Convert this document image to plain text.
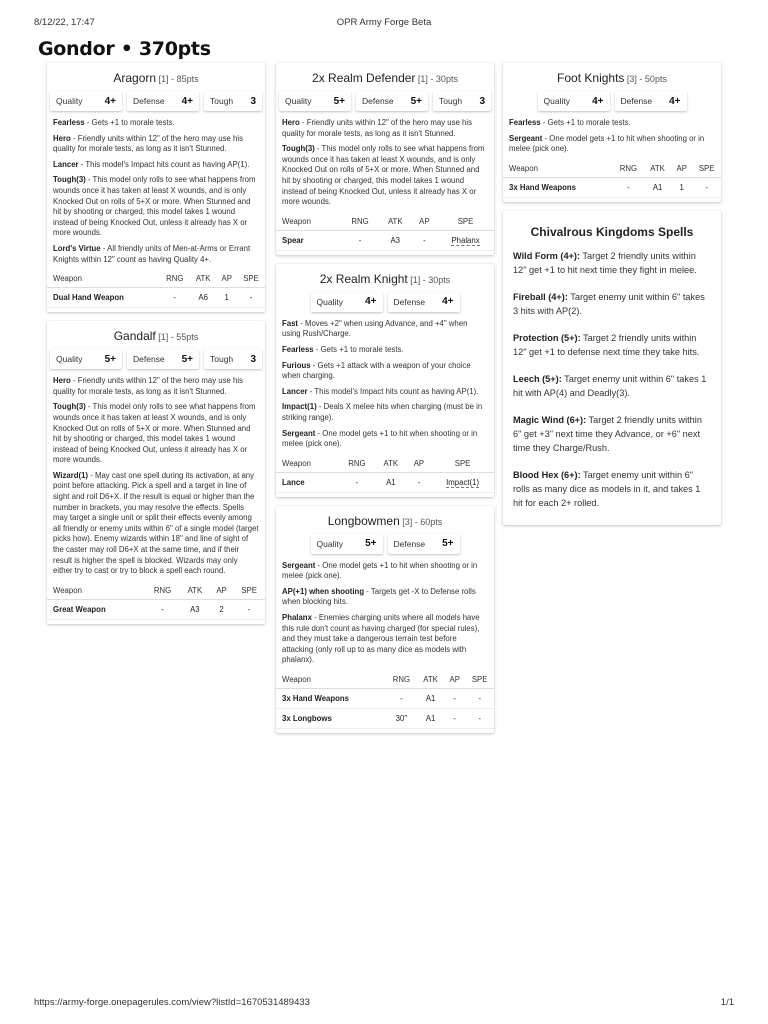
8/12/22, 17:47	OPR Army Forge Beta
Gondor • 370pts
Aragorn [1] - 85pts
Quality 4+ Defense 4+ Tough 3
Fearless - Gets +1 to morale tests.
Hero - Friendly units within 12" of the hero may use his quality for morale tests, as long as it isn't Stunned.
Lancer - This model's Impact hits count as having AP(1).
Tough(3) - This model only rolls to see what happens from wounds once it has taken at least X wounds, and is only Knocked Out on rolls of 5+X or more. When Stunned and hit by shooting or charged, this model takes 1 wound instead of being Knocked Out, unless it already has X or more wounds.
Lord's Virtue - All friendly units of Men-at-Arms or Errant Knights within 12" count as having Quality 4+.
Weapon	RNG	ATK	AP	SPE
Dual Hand Weapon	-	A6	1	-
Gandalf [1] - 55pts
Quality 5+ Defense 5+ Tough 3
Hero - Friendly units within 12" of the hero may use his quality for morale tests, as long as it isn't Stunned.
Tough(3) - This model only rolls to see what happens from wounds once it has taken at least X wounds, and is only Knocked Out on rolls of 5+X or more. When Stunned and hit by shooting or charged, this model takes 1 wound instead of being Knocked Out, unless it already has X or more wounds.
Wizard(1) - May cast one spell during its activation, at any point before attacking. Pick a spell and a target in line of sight and roll D6+X. If the result is equal or higher than the number in brackets, you may resolve the effects. Spells may target a single unit or split their effects evenly among all friendly or enemy units within 6" of a single model (target picks how). Enemy wizards within 18" and line of sight of the caster may roll D6+X at the same time, and if their result is higher the spell is blocked. Wizards may only either try to cast or try to block a spell each round.
Weapon	RNG	ATK	AP	SPE
Great Weapon	-	A3	2	-
2x Realm Defender [1] - 30pts
Quality 5+ Defense 5+ Tough 3
Hero - Friendly units within 12" of the hero may use his quality for morale tests, as long as it isn't Stunned.
Tough(3) - This model only rolls to see what happens from wounds once it has taken at least X wounds, and is only Knocked Out on rolls of 5+X or more. When Stunned and hit by shooting or charged, this model takes 1 wound instead of being Knocked Out, unless it already has X or more wounds.
Weapon	RNG	ATK	AP	SPE
Spear	-	A3	-	Phalanx
2x Realm Knight [1] - 30pts
Quality 4+ Defense 4+
Fast - Moves +2" when using Advance, and +4" when using Rush/Charge.
Fearless - Gets +1 to morale tests.
Furious - Gets +1 attack with a weapon of your choice when charging.
Lancer - This model's Impact hits count as having AP(1).
Impact(1) - Deals X melee hits when charging (must be in striking range).
Sergeant - One model gets +1 to hit when shooting or in melee (pick one).
Weapon	RNG	ATK	AP	SPE
Lance	-	A1	-	Impact(1)
Longbowmen [3] - 60pts
Quality 5+ Defense 5+
Sergeant - One model gets +1 to hit when shooting or in melee (pick one).
AP(+1) when shooting - Targets get -X to Defense rolls when blocking hits.
Phalanx - Enemies charging units where all models have this rule don't count as having charged (for special rules), and they must take a dangerous terrain test before attacking (only roll up to as many dice as models with phalanx).
Weapon	RNG	ATK	AP	SPE
3x Hand Weapons	-	A1	-	-
3x Longbows	30"	A1	-	-
Foot Knights [3] - 50pts
Quality 4+ Defense 4+
Fearless - Gets +1 to morale tests.
Sergeant - One model gets +1 to hit when shooting or in melee (pick one).
Weapon	RNG	ATK	AP	SPE
3x Hand Weapons	-	A1	1	-
Chivalrous Kingdoms Spells
Wild Form (4+): Target 2 friendly units within 12" get +1 to hit next time they fight in melee.
Fireball (4+): Target enemy unit within 6" takes 3 hits with AP(2).
Protection (5+): Target 2 friendly units within 12" get +1 to defense next time they take hits.
Leech (5+): Target enemy unit within 6" takes 1 hit with AP(4) and Deadly(3).
Magic Wind (6+): Target 2 friendly units within 6" get +3" next time they Advance, or +6" next time they Charge/Rush.
Blood Hex (6+): Target enemy unit within 6" rolls as many dice as models in it, and takes 1 hit for each 2+ rolled.
https://army-forge.onepagerules.com/view?listId=1670531489433	1/1
